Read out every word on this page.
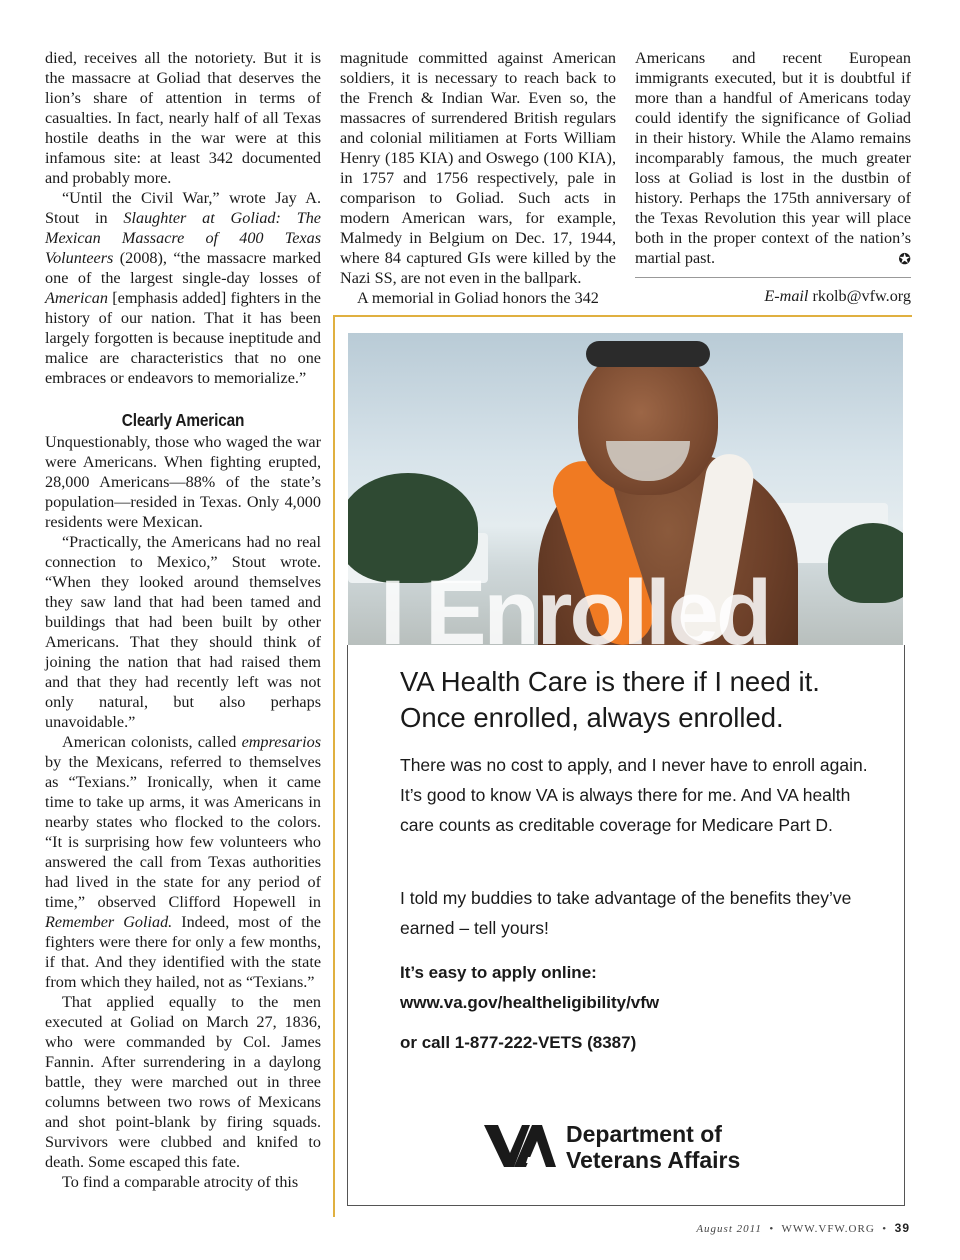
died, receives all the notoriety. But it is the massacre at Goliad that deserves the lion’s share of attention in terms of casualties. In fact, nearly half of all Texas hostile deaths in the war were at this infamous site: at least 342 documented and probably more.

“Until the Civil War,” wrote Jay A. Stout in Slaughter at Goliad: The Mexican Massacre of 400 Texas Volunteers (2008), “the massacre marked one of the largest single-day losses of American [emphasis added] fighters in the history of our nation. That it has been largely forgotten is because ineptitude and malice are characteristics that no one embraces or endeavors to memorialize.”

Clearly American

Unquestionably, those who waged the war were Americans. When fighting erupted, 28,000 Americans—88% of the state’s population—resided in Texas. Only 4,000 residents were Mexican.

“Practically, the Americans had no real connection to Mexico,” Stout wrote. “When they looked around themselves they saw land that had been tamed and buildings that had been built by other Americans. That they should think of joining the nation that had raised them and that they had recently left was not only natural, but also perhaps unavoidable.”

American colonists, called empresarios by the Mexicans, referred to themselves as “Texians.” Ironically, when it came time to take up arms, it was Americans in nearby states who flocked to the colors. “It is surprising how few volunteers who answered the call from Texas authorities had lived in the state for any period of time,” observed Clifford Hopewell in Remember Goliad. Indeed, most of the fighters were there for only a few months, if that. And they identified with the state from which they hailed, not as “Texians.”

That applied equally to the men executed at Goliad on March 27, 1836, who were commanded by Col. James Fannin. After surrendering in a daylong battle, they were marched out in three columns between two rows of Mexicans and shot point-blank by firing squads. Survivors were clubbed and knifed to death. Some escaped this fate.

To find a comparable atrocity of this

magnitude committed against American soldiers, it is necessary to reach back to the French & Indian War. Even so, the massacres of surrendered British regulars and colonial militiamen at Forts William Henry (185 KIA) and Oswego (100 KIA), in 1757 and 1756 respectively, pale in comparison to Goliad. Such acts in modern American wars, for example, Malmedy in Belgium on Dec. 17, 1944, where 84 captured GIs were killed by the Nazi SS, are not even in the ballpark.

A memorial in Goliad honors the 342

Americans and recent European immigrants executed, but it is doubtful if more than a handful of Americans today could identify the significance of Goliad in their history. While the Alamo remains incomparably famous, the much greater loss at Goliad is lost in the dustbin of history. Perhaps the 175th anniversary of the Texas Revolution this year will place both in the proper context of the nation’s martial past.	✪

E-mail rkolb@vfw.org
I Enrolled
VA Health Care is there if I need it.
Once enrolled, always enrolled.
There was no cost to apply, and I never have to enroll again. It’s good to know VA is always there for me. And VA health care counts as creditable coverage for Medicare Part D.
I told my buddies to take advantage of the benefits they’ve earned – tell yours!
It’s easy to apply online:
www.va.gov/healtheligibility/vfw
or call 1-877-222-VETS (8387)
Department of
Veterans Affairs
August 2011  •  WWW.VFW.ORG  •  39
